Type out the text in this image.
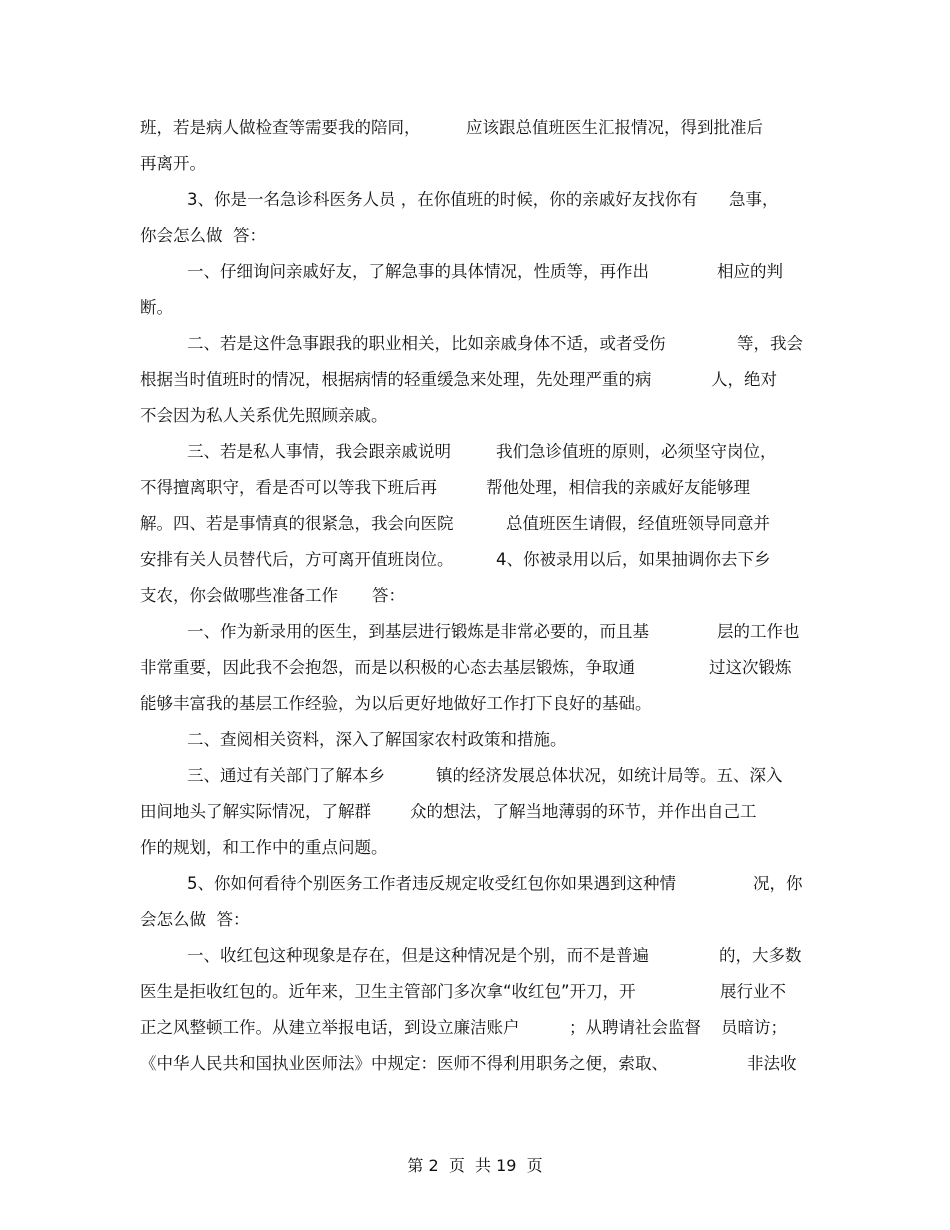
班，若是病人做检查等需要我的陪同，	应该跟总值班医生汇报情况，得到批准后
再离开。
3、你是一名急诊科医务人员 ，在你值班的时候，你的亲戚好友找你有 急事，
你会怎么做  答：
一、仔细询问亲戚好友，了解急事的具体情况，性质等，再作出	相应的判
断。
二、若是这件急事跟我的职业相关，比如亲戚身体不适，或者受伤	等，我会
根据当时值班时的情况，根据病情的轻重缓急来处理，先处理严重的病	人，绝对
不会因为私人关系优先照顾亲戚。
三、若是私人事情，我会跟亲戚说明	我们急诊值班的原则，必须坚守岗位，
不得擅离职守，看是否可以等我下班后再	帮他处理，相信我的亲戚好友能够理
解。四、若是事情真的很紧急，我会向医院	总值班医生请假，经值班领导同意并
安排有关人员替代后，方可离开值班岗位。	4、你被录用以后，如果抽调你去下乡
支农，你会做哪些准备工作 答：
一、作为新录用的医生，到基层进行锻炼是非常必要的，而且基	层的工作也
非常重要，因此我不会抱怨，而是以积极的心态去基层锻炼，争取通	过这次锻炼
能够丰富我的基层工作经验，为以后更好地做好工作打下良好的基础。
二、查阅相关资料，深入了解国家农村政策和措施。
三、通过有关部门了解本乡	镇的经济发展总体状况，如统计局等。五、深入
田间地头了解实际情况，了解群 众的想法，了解当地薄弱的环节，并作出自己工
作的规划，和工作中的重点问题。
5、你如何看待个别医务工作者违反规定收受红包你如果遇到这种情	况，你
会怎么做  答：
一、收红包这种现象是存在，但是这种情况是个别，而不是普遍	的，大多数
医生是拒收红包的。近年来，卫生主管部门多次拿“收红包”开刀，开	展行业不
正之风整顿工作。从建立举报电话，到设立廉洁账户	；从聘请社会监督 员暗访；
《中华人民共和国执业医师法》中规定：医师不得利用职务之便，索取、	非法收
第 2  页  共 19  页
